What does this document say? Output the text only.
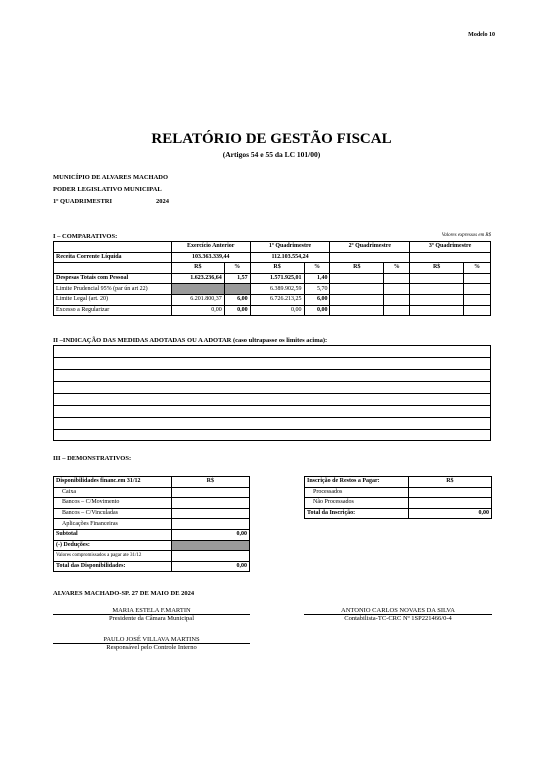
Modelo 10
RELATÓRIO DE GESTÃO FISCAL
(Artigos 54 e 55 da LC 101/00)
MUNICÍPIO DE ALVARES MACHADO
PODER LEGISLATIVO MUNICIPAL
1º QUADRIMESTRI	2024
I – COMPARATIVOS:	Valores expressos em R$
	Exercício Anterior		1º Quadrimestre		2º Quadrimestre		3º Quadrimestre	
Receita Corrente Líquida	103.363.339,44		112.103.554,24					
	R$	%	R$	%	R$	%	R$	%
Despesas Totais com Pessoal	1.623.236,64	1,57	1.571.925,01	1,40				
Limite Prudencial 95% (par ún art 22)			6.389.902,59	5,70				
Limite Legal (art. 20)	6.201.800,37	6,00	6.726.213,25	6,00				
Excesso a Regularizar	0,00	0,00	0,00	0,00				
II –INDICAÇÃO DAS MEDIDAS ADOTADAS OU A ADOTAR (caso ultrapasse os limites acima):
III – DEMONSTRATIVOS:
Disponibilidades financ.em 31/12	R$
Caixa	
Bancos – C/Movimento	
Bancos – C/Vinculadas	
Aplicações Financeiras	
Subtotal	0,00
(-) Deduções:	
Valores compromissados a pagar ate 31/12	
Total das Disponibilidades:	0,00
Inscrição de Restos a Pagar:	R$
Processados	
Não Processados	
Total da Inscrição:	0,00
ALVARES MACHADO-SP. 27 DE MAIO DE 2024
MARIA ESTELA F.MARTIN
Presidente da Câmara Municipal
ANTONIO CARLOS NOVAES DA SILVA
Contabilista-TC-CRC Nº 1SP221466/0-4
PAULO JOSÉ VILLAVA MARTINS
Responsável pelo Controle Interno
